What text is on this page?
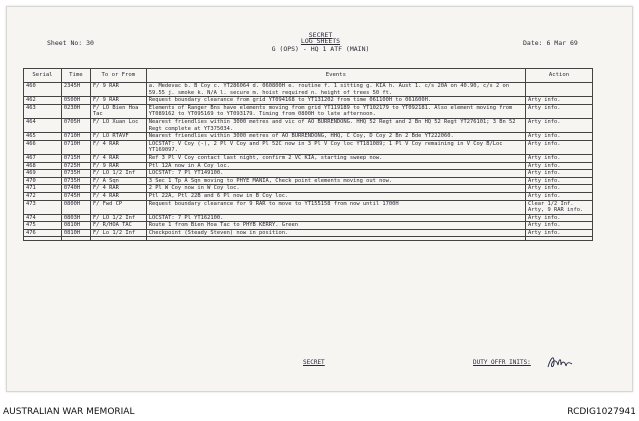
Sheet No: 30
SECRET
LOG SHEETS
G (OPS) - HQ 1 ATF (MAIN)
Date: 6 Mar 69
Serial	Time	To or From	Events	Action
460	2345H	F/ 9 RAR	a. Medevac b. B Coy c. YT286064 d. 060800H e. routine f. 1 sitting g. KIA h. Aust 1. c/s 20A on 40.90, c/s 2 on 59.55 j. smoke k. N/A l. secure m. hoist required n. height of trees 50 ft.	
462	0500H	F/ 9 RAR	Request boundary clearance from grid YT094168 to YT131202 from time 061100H to 061600H.	Arty info.
463	0230H	F/ LO Bien Hoa Tac	Elements of Ranger Bns have elements moving from grid YT119189 to YT102179 to YT092181. Also element moving from YT089162 to YT095169 to YT093179. Timing from 0800H to late afternoon.	Arty info.
464	0705H	F/ LO Xuan Loc	Nearest friendlies within 3000 metres and vic of AO BURRENDONG. HHQ 52 Regt and 2 Bn HQ 52 Regt YT276101; 3 Bn 52 Regt complete at YT375034.	Arty info.
465	0710H	F/ LO RTAVF	Nearest friendlies within 3000 metres of AO BURRENDONG, HHQ, C Coy, D Coy 2 Bn 2 Bde YT222060.	Arty info.
466	0710H	F/ 4 RAR	LOCSTAT: V Coy (-), 2 Pl V Coy and Pl 52C now in 3 Pl V Coy loc YT181089; 1 Pl V Coy remaining in V Coy B/Loc YT169097.	Arty info.
467	0715H	F/ 4 RAR	Ref 3 Pl V Coy contact last night, confirm 2 VC KIA, starting sweep now.	Arty info.
468	0725H	F/ 9 RAR	Ptl 12A now in A Coy loc.	Arty info.
469	0735H	F/ LO 1/2 Inf	LOCSTAT: 7 Pl YT149100.	Arty info.
470	0735H	F/ A Sqn	3 Sec 1 Tp A Sqn moving to PHYE MANIA, Check point elements moving out now.	Arty info.
471	0740H	F/ 4 RAR	2 Pl W Coy now in W Coy loc.	Arty info.
472	0745H	F/ 4 RAR	Ptl 22A, Ptl 22B and 6 Pl now in B Coy loc.	Arty info.
473	0800H	F/ Fwd CP	Request boundary clearance for 9 RAR to move to YT155158 from now until 1700H	Clear 1/2 Inf. Arty, 9 RAR info.
474	0803H	F/ LO 1/2 Inf	LOCSTAT: 7 Pl YT162100.	Arty info.
475	0810H	F/ R/HOA TAC	Route 1 from Bien Hoa Tac to PHYB KERRY. Green	Arty info.
476	0810H	F/ Lo 1/2 Inf	Checkpoint (Steady Steven) now in position.	Arty info.

SECRET	DUTY OFFR INITS:
AUSTRALIAN WAR MEMORIAL	RCDIG1027941
